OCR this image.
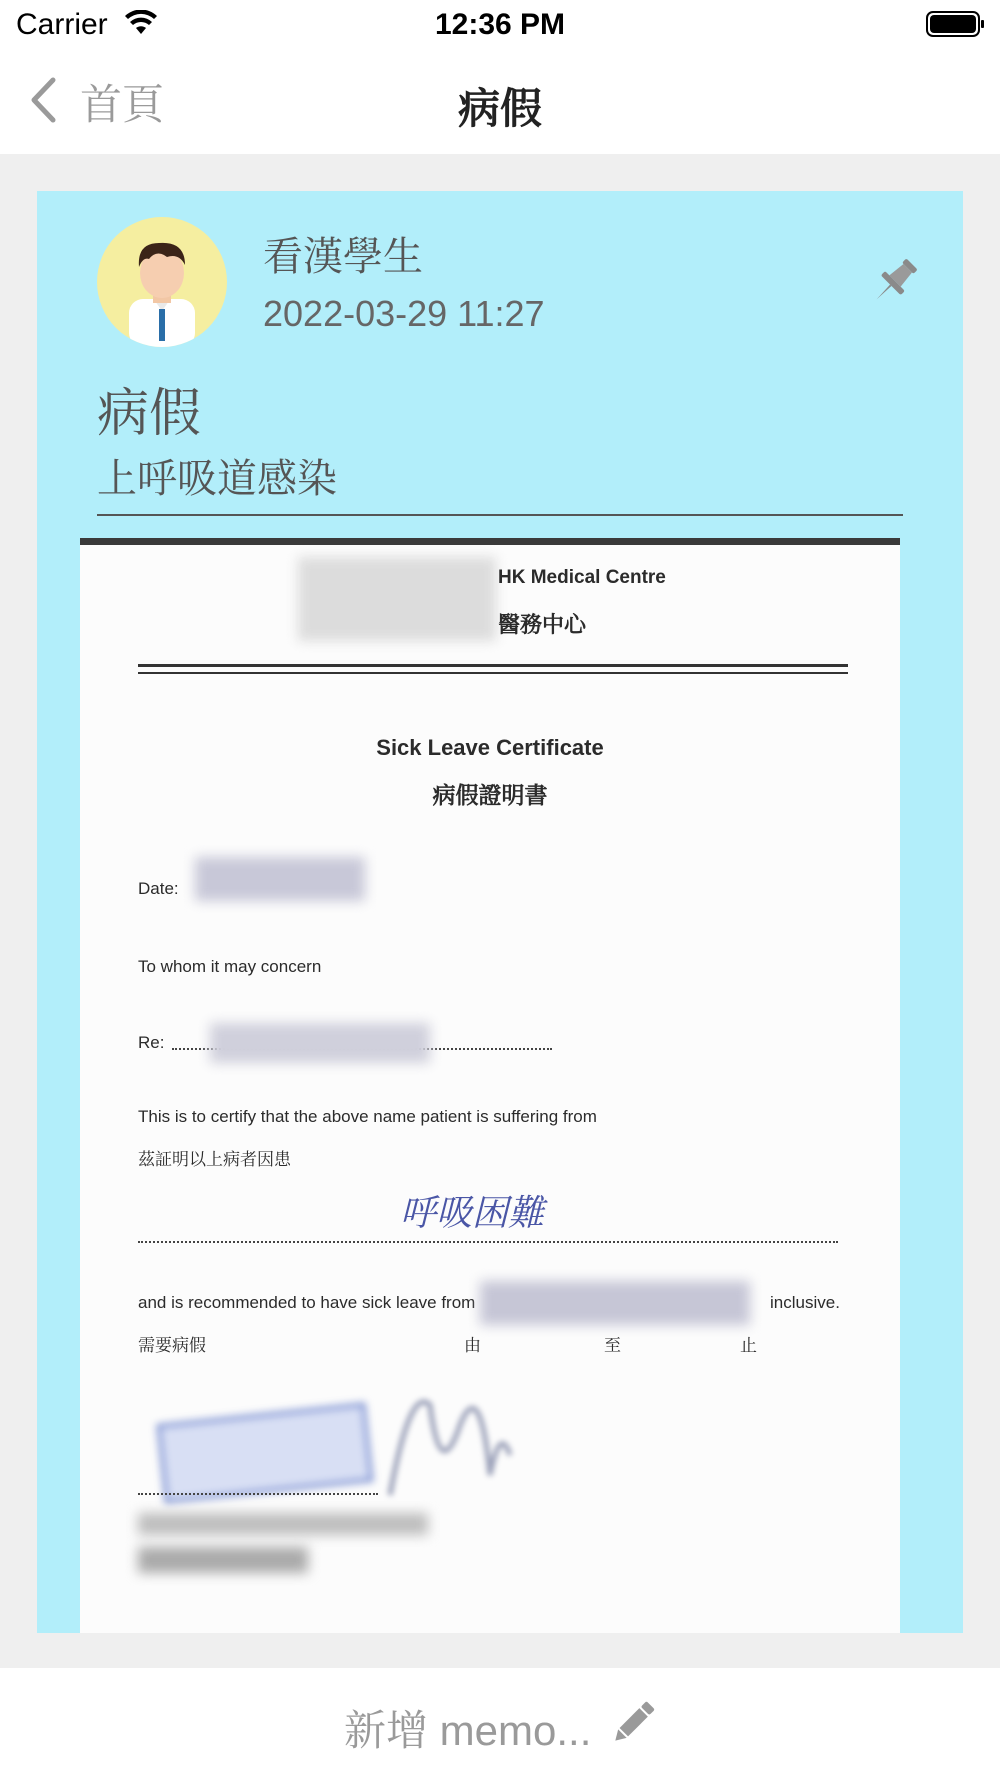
Carrier	12:36 PM
首頁	病假
看漢學生
2022-03-29 11:27
病假
上呼吸道感染
HK Medical Centre
醫務中心
Sick Leave Certificate
病假證明書
Date:
To whom it may concern
Re:
This is to certify that the above name patient is suffering from
茲証明以上病者因患
呼吸困難
and is recommended to have sick leave from	inclusive.
需要病假	由	至	止
新增 memo...
